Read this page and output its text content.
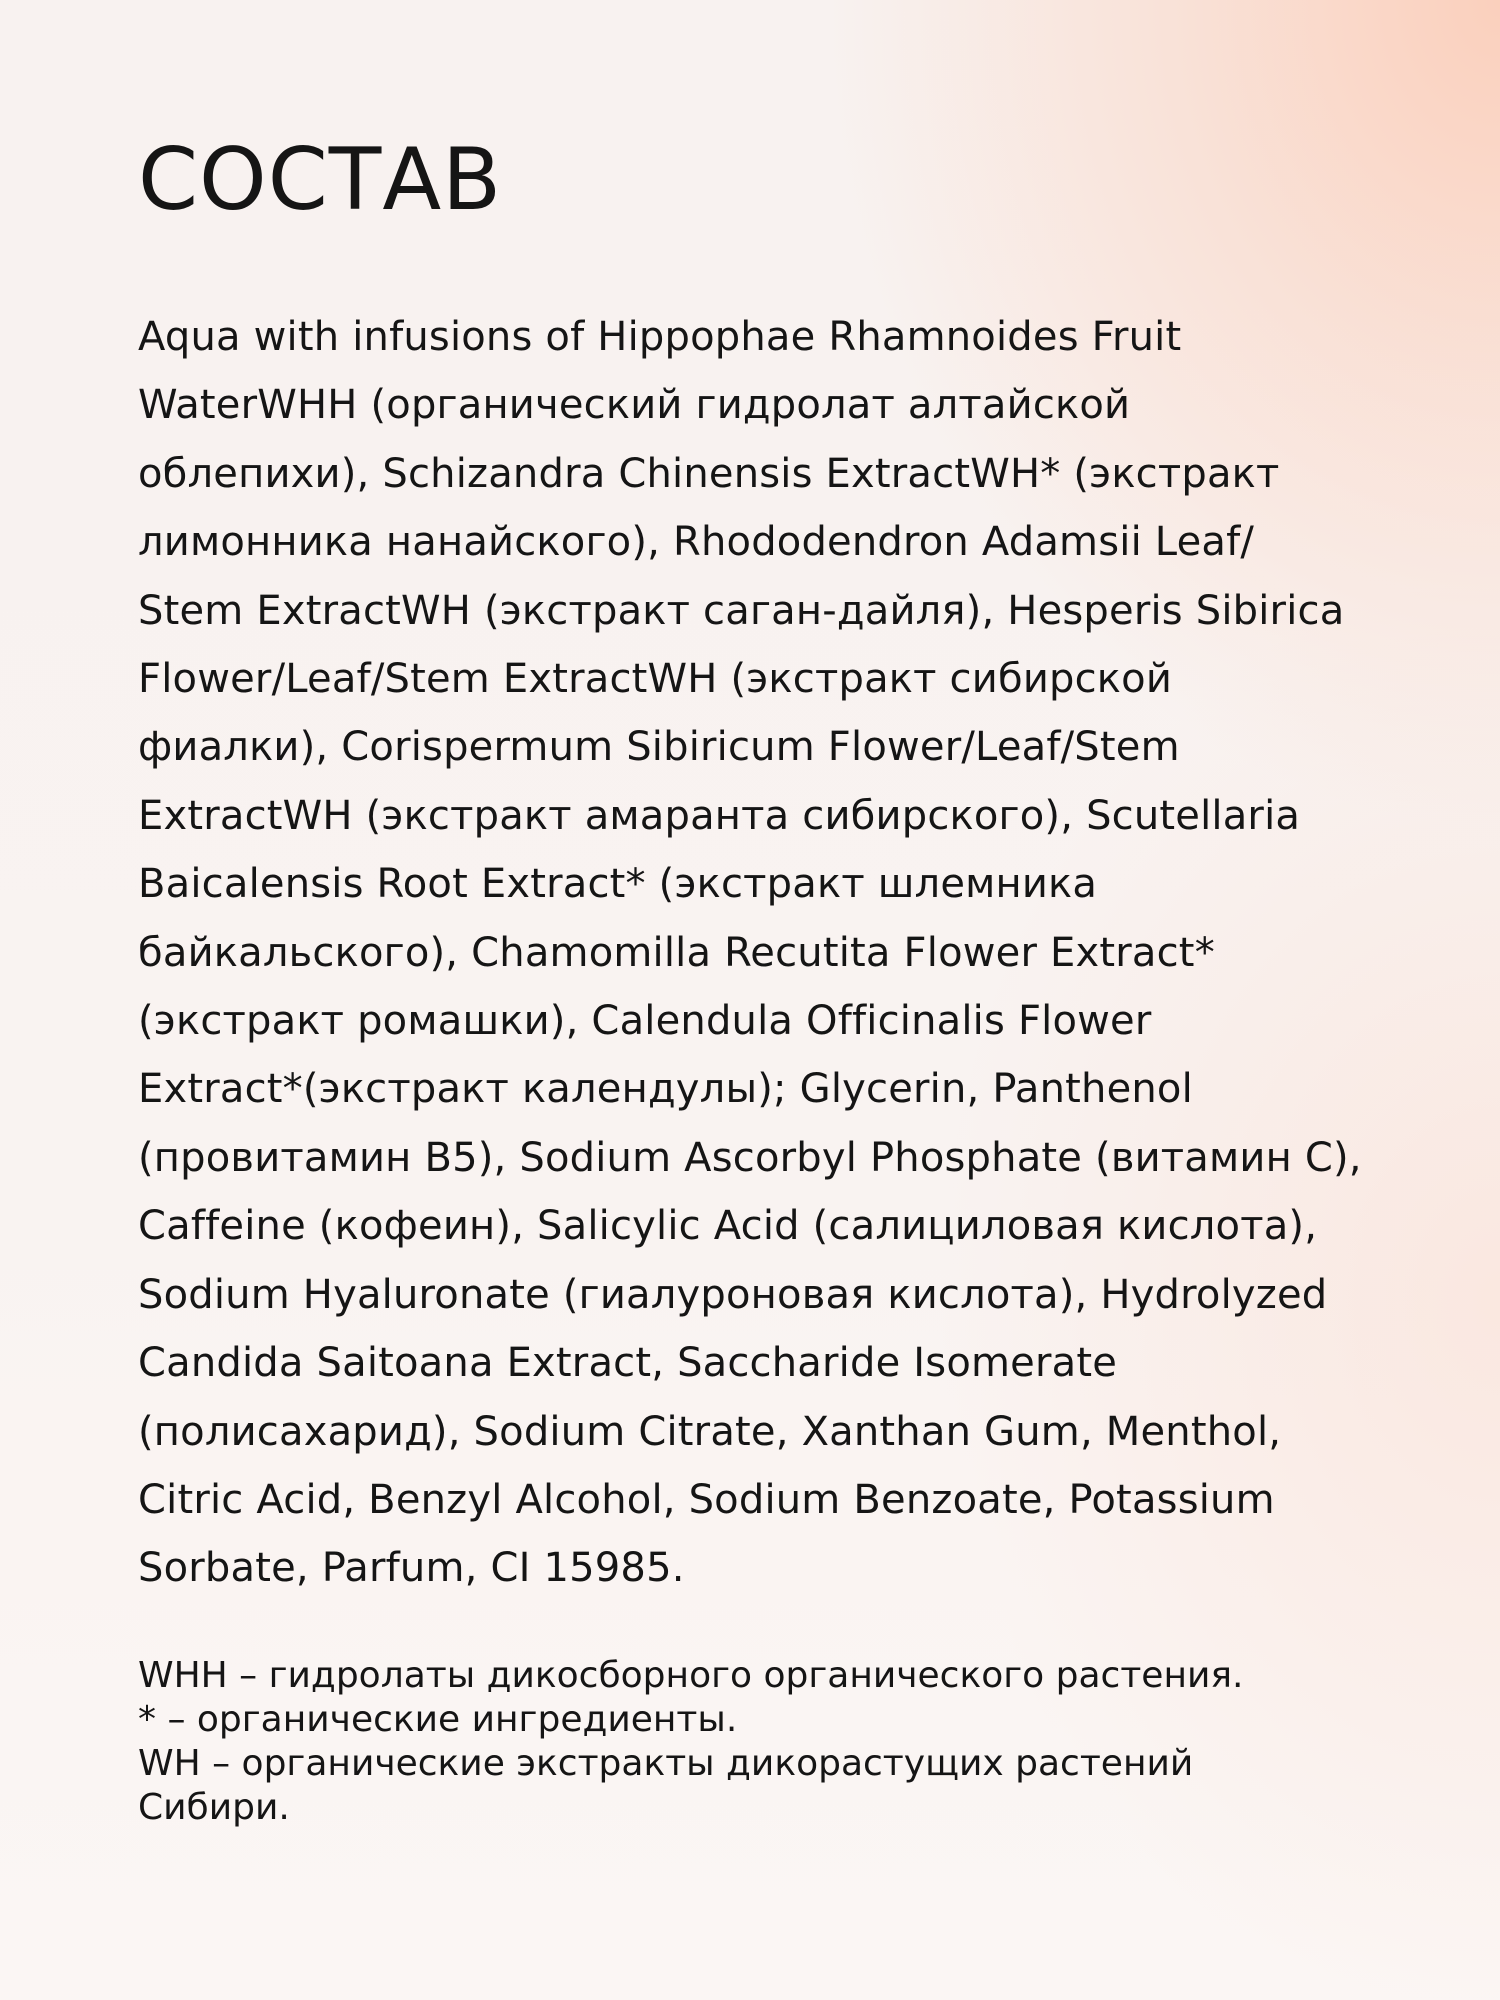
СОСТАВ

Aqua with infusions of Hippophae Rhamnoides Fruit
WaterWHH (органический гидролат алтайской
облепихи), Schizandra Chinensis ExtractWH* (экстракт
лимонника нанайского), Rhododendron Adamsii Leaf/
Stem ExtractWH (экстракт саган-дайля), Hesperis Sibirica
Flower/Leaf/Stem ExtractWH (экстракт сибирской
фиалки), Corispermum Sibiricum Flower/Leaf/Stem
ExtractWH (экстракт амаранта сибирского), Scutellaria
Baicalensis Root Extract* (экстракт шлемника
байкальского), Chamomilla Recutita Flower Extract*
(экстракт ромашки), Calendula Officinalis Flower
Extract*(экстракт календулы); Glycerin, Panthenol
(провитамин B5), Sodium Ascorbyl Phosphate (витамин С),
Caffeine (кофеин), Salicylic Acid (салициловая кислота),
Sodium Hyaluronate (гиалуроновая кислота), Hydrolyzed
Candida Saitoana Extract, Saccharide Isomerate
(полисахарид), Sodium Citrate, Xanthan Gum, Menthol,
Citric Acid, Benzyl Alcohol, Sodium Benzoate, Potassium
Sorbate, Parfum, CI 15985.

WHH – гидролаты дикосборного органического растения.
* – органические ингредиенты.
WH – органические экстракты дикорастущих растений
Сибири.
